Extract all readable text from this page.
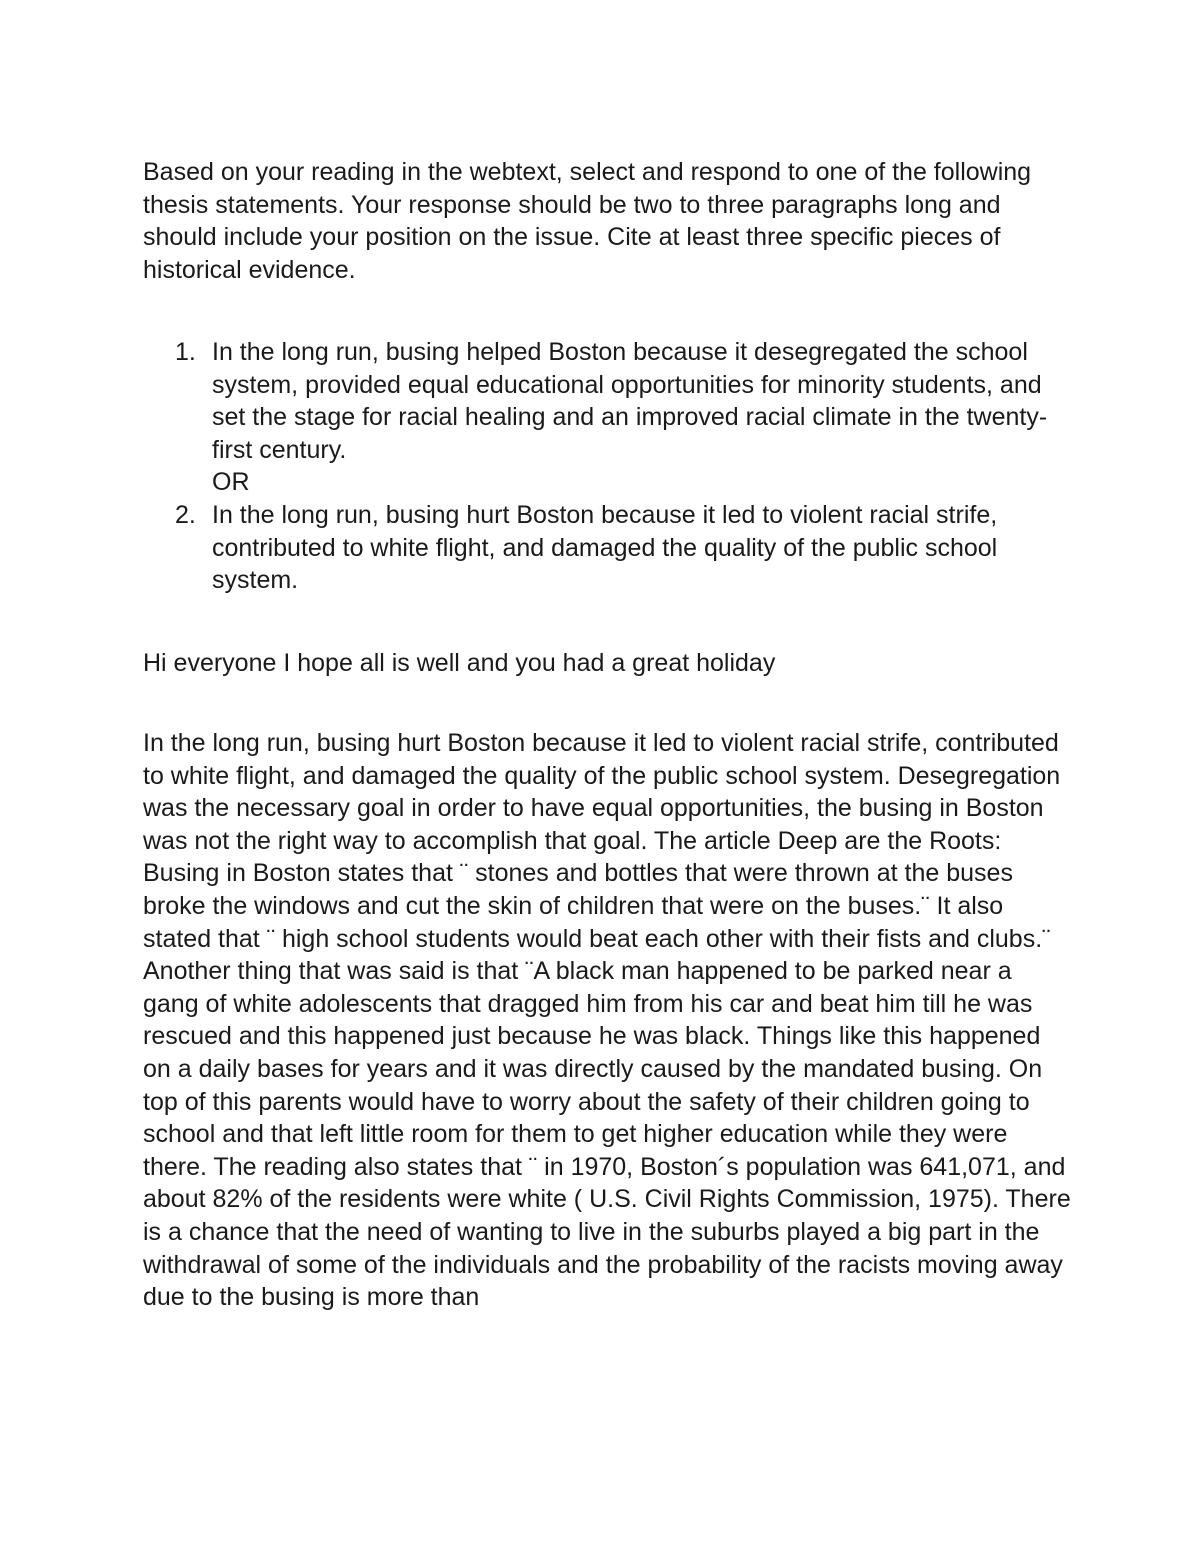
Based on your reading in the webtext, select and respond to one of the following thesis statements. Your response should be two to three paragraphs long and should include your position on the issue. Cite at least three specific pieces of historical evidence.

1. In the long run, busing helped Boston because it desegregated the school system, provided equal educational opportunities for minority students, and set the stage for racial healing and an improved racial climate in the twenty-first century.
OR
2. In the long run, busing hurt Boston because it led to violent racial strife, contributed to white flight, and damaged the quality of the public school system.

Hi everyone I hope all is well and you had a great holiday

In the long run, busing hurt Boston because it led to violent racial strife, contributed to white flight, and damaged the quality of the public school system. Desegregation was the necessary goal in order to have equal opportunities, the busing in Boston was not the right way to accomplish that goal. The article Deep are the Roots: Busing in Boston states that ¨ stones and bottles that were thrown at the buses broke the windows and cut the skin of children that were on the buses.¨ It also stated that ¨ high school students would beat each other with their fists and clubs.¨ Another thing that was said is that ¨A black man happened to be parked near a gang of white adolescents that dragged him from his car and beat him till he was rescued and this happened just because he was black. Things like this happened on a daily bases for years and it was directly caused by the mandated busing. On top of this parents would have to worry about the safety of their children going to school and that left little room for them to get higher education while they were there. The reading also states that ¨ in 1970, Boston´s population was 641,071, and about 82% of the residents were white ( U.S. Civil Rights Commission, 1975). There is a chance that the need of wanting to live in the suburbs played a big part in the withdrawal of some of the individuals and the probability of the racists moving away due to the busing is more than
